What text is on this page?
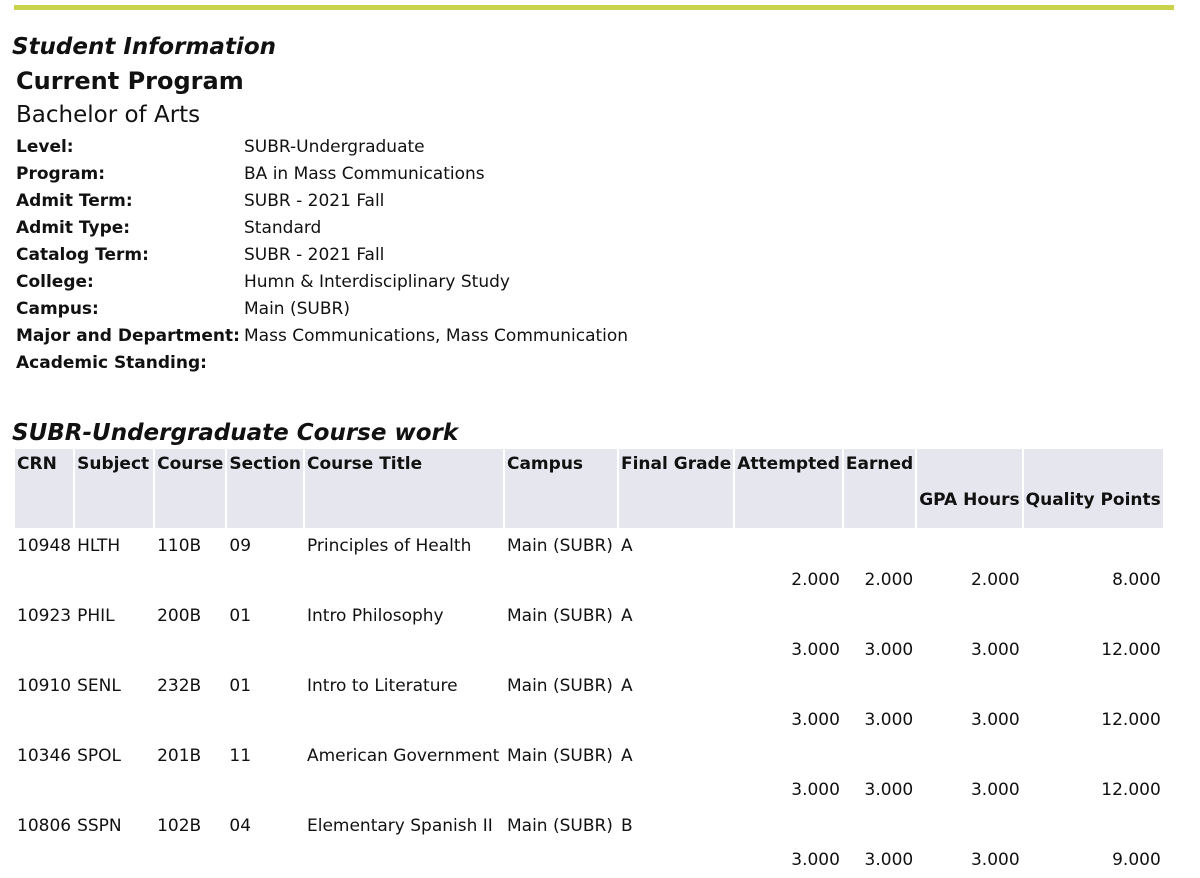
Student Information
Current Program
Bachelor of Arts
Level:	SUBR-Undergraduate
Program:	BA in Mass Communications
Admit Term:	SUBR - 2021 Fall
Admit Type:	Standard
Catalog Term:	SUBR - 2021 Fall
College:	Humn & Interdisciplinary Study
Campus:	Main (SUBR)
Major and Department:	Mass Communications, Mass Communication
Academic Standing:	
SUBR-Undergraduate Course work
CRN	Subject	Course	Section	Course Title	Campus	Final Grade	Attempted	Earned	GPA Hours	Quality Points
10948	HLTH	110B	09	Principles of Health	Main (SUBR)	A	2.000	2.000	2.000	8.000
10923	PHIL	200B	01	Intro Philosophy	Main (SUBR)	A	3.000	3.000	3.000	12.000
10910	SENL	232B	01	Intro to Literature	Main (SUBR)	A	3.000	3.000	3.000	12.000
10346	SPOL	201B	11	American Government	Main (SUBR)	A	3.000	3.000	3.000	12.000
10806	SSPN	102B	04	Elementary Spanish II	Main (SUBR)	B	3.000	3.000	3.000	9.000
